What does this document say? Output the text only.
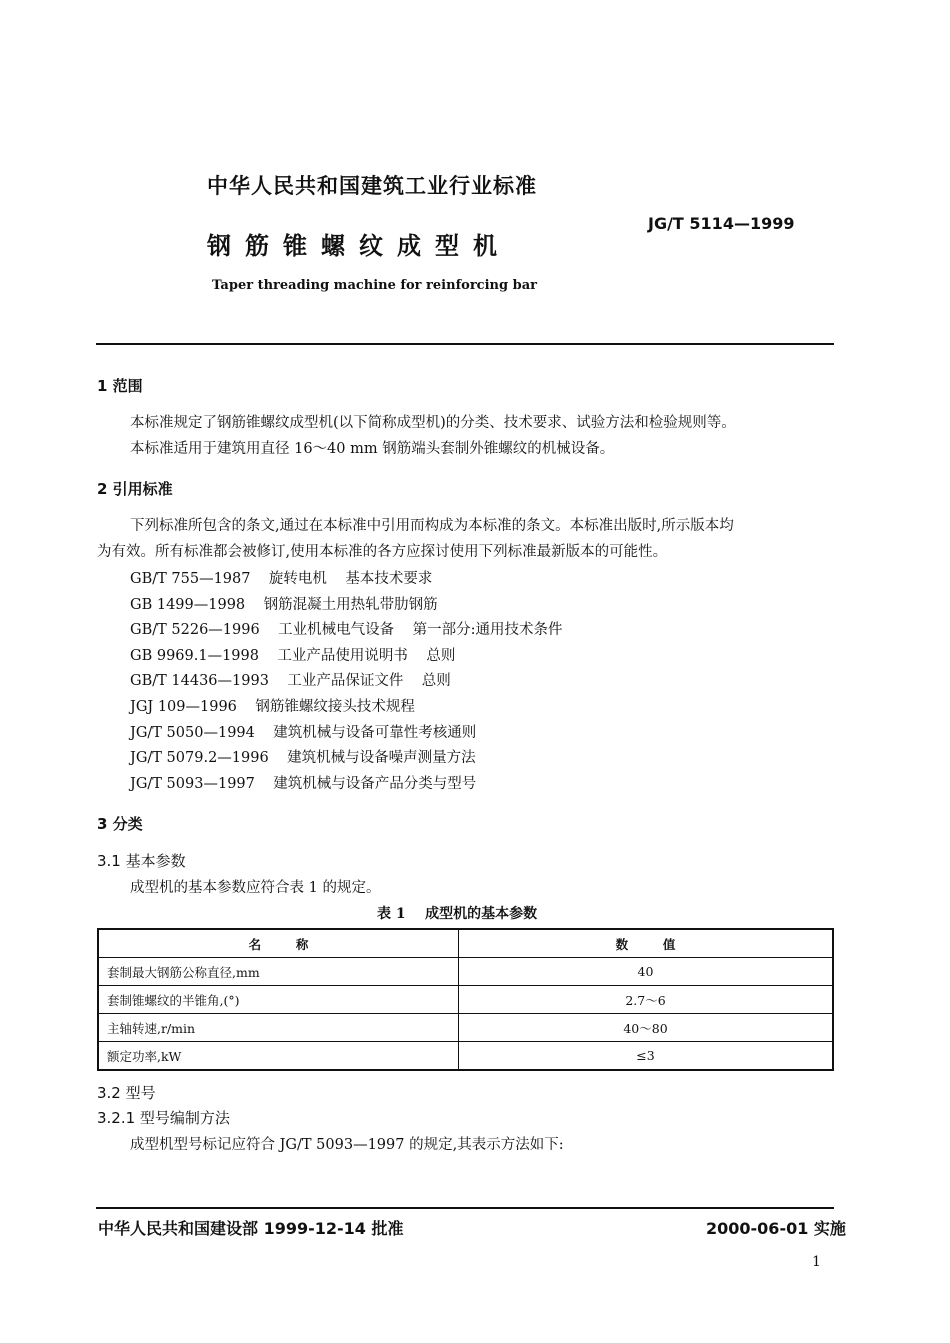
中华人民共和国建筑工业行业标准
JG/T 5114—1999
钢筋锥螺纹成型机
Taper threading machine for reinforcing bar
1 范围
本标准规定了钢筋锥螺纹成型机(以下简称成型机)的分类、技术要求、试验方法和检验规则等。
本标准适用于建筑用直径 16～40 mm 钢筋端头套制外锥螺纹的机械设备。
2 引用标准
下列标准所包含的条文,通过在本标准中引用而构成为本标准的条文。本标准出版时,所示版本均
为有效。所有标准都会被修订,使用本标准的各方应探讨使用下列标准最新版本的可能性。
GB/T 755—1987    旋转电机    基本技术要求
GB 1499—1998    钢筋混凝土用热轧带肋钢筋
GB/T 5226—1996    工业机械电气设备    第一部分:通用技术条件
GB 9969.1—1998    工业产品使用说明书    总则
GB/T 14436—1993    工业产品保证文件    总则
JGJ 109—1996    钢筋锥螺纹接头技术规程
JG/T 5050—1994    建筑机械与设备可靠性考核通则
JG/T 5079.2—1996    建筑机械与设备噪声测量方法
JG/T 5093—1997    建筑机械与设备产品分类与型号
3 分类
3.1 基本参数
成型机的基本参数应符合表 1 的规定。
表 1    成型机的基本参数
名        称	数        值
套制最大钢筋公称直径,mm	40
套制锥螺纹的半锥角,(°)	2.7～6
主轴转速,r/min	40～80
额定功率,kW	≤3
3.2 型号
3.2.1 型号编制方法
成型机型号标记应符合 JG/T 5093—1997 的规定,其表示方法如下:
中华人民共和国建设部 1999-12-14 批准	2000-06-01 实施
1
